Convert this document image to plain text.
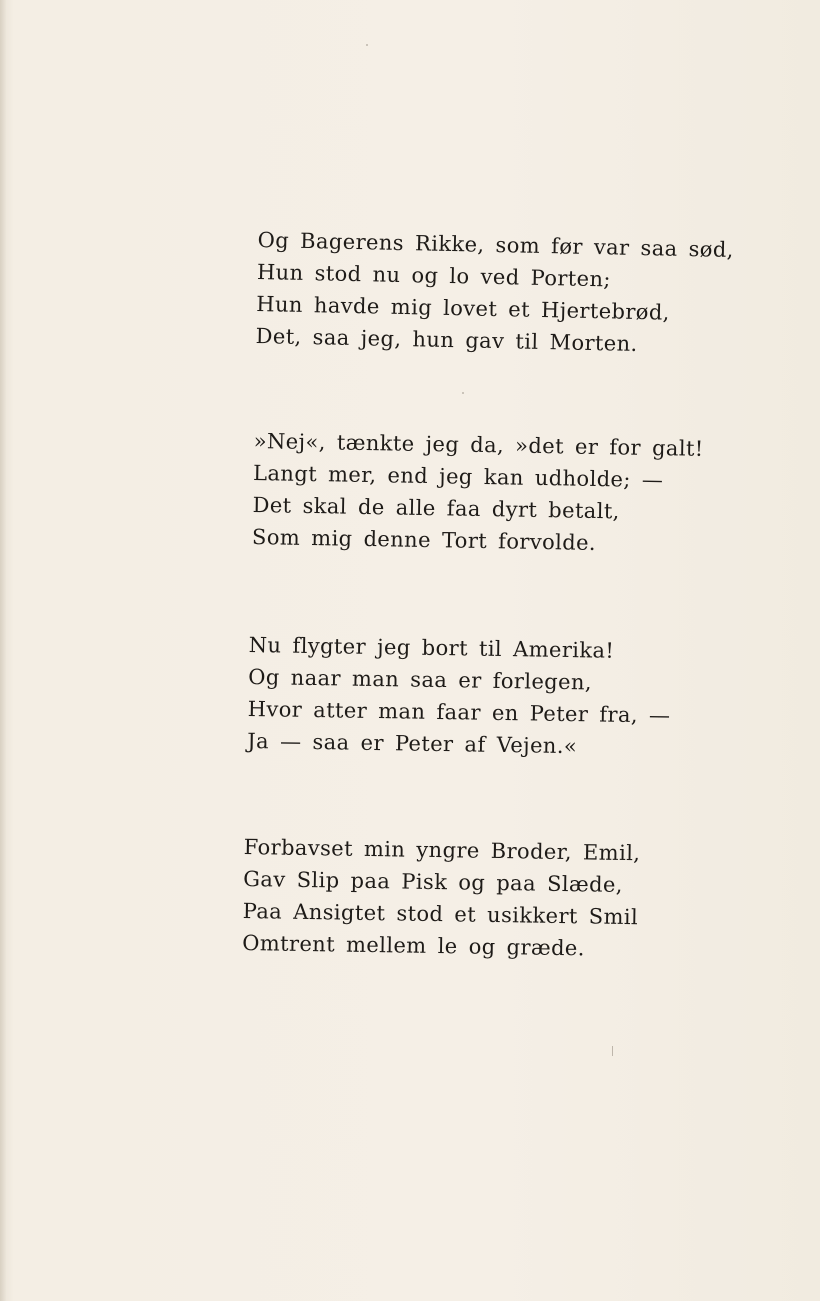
Og Bagerens Rikke, som før var saa sød,
Hun stod nu og lo ved Porten;
Hun havde mig lovet et Hjertebrød,
Det, saa jeg, hun gav til Morten.
»Nej«, tænkte jeg da, »det er for galt!
Langt mer, end jeg kan udholde; —
Det skal de alle faa dyrt betalt,
Som mig denne Tort forvolde.
Nu flygter jeg bort til Amerika!
Og naar man saa er forlegen,
Hvor atter man faar en Peter fra, —
Ja — saa er Peter af Vejen.«
Forbavset min yngre Broder, Emil,
Gav Slip paa Pisk og paa Slæde,
Paa Ansigtet stod et usikkert Smil
Omtrent mellem le og græde.
